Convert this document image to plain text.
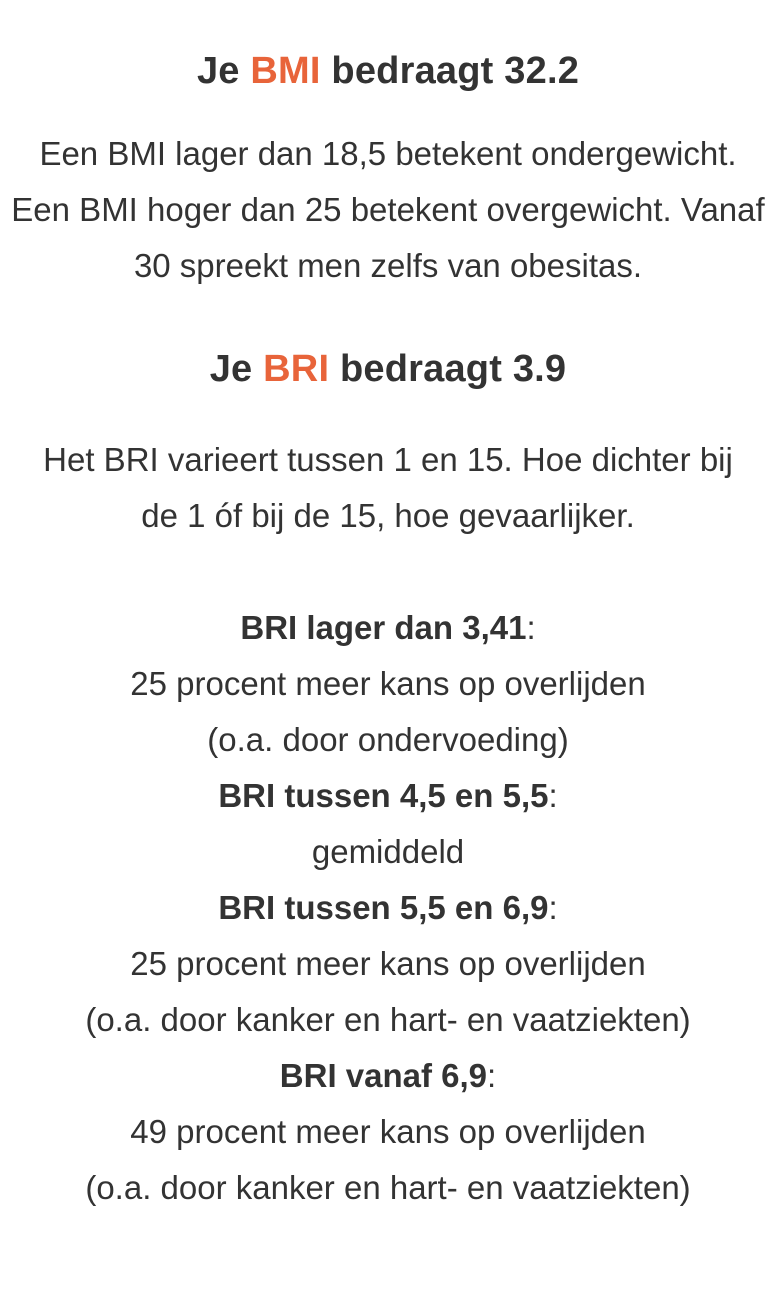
Je BMI bedraagt 32.2

Een BMI lager dan 18,5 betekent ondergewicht. Een BMI hoger dan 25 betekent overgewicht. Vanaf 30 spreekt men zelfs van obesitas.

Je BRI bedraagt 3.9

Het BRI varieert tussen 1 en 15. Hoe dichter bij
de 1 óf bij de 15, hoe gevaarlijker.

BRI lager dan 3,41:
25 procent meer kans op overlijden
(o.a. door ondervoeding)
BRI tussen 4,5 en 5,5:
gemiddeld
BRI tussen 5,5 en 6,9:
25 procent meer kans op overlijden
(o.a. door kanker en hart- en vaatziekten)
BRI vanaf 6,9:
49 procent meer kans op overlijden
(o.a. door kanker en hart- en vaatziekten)
